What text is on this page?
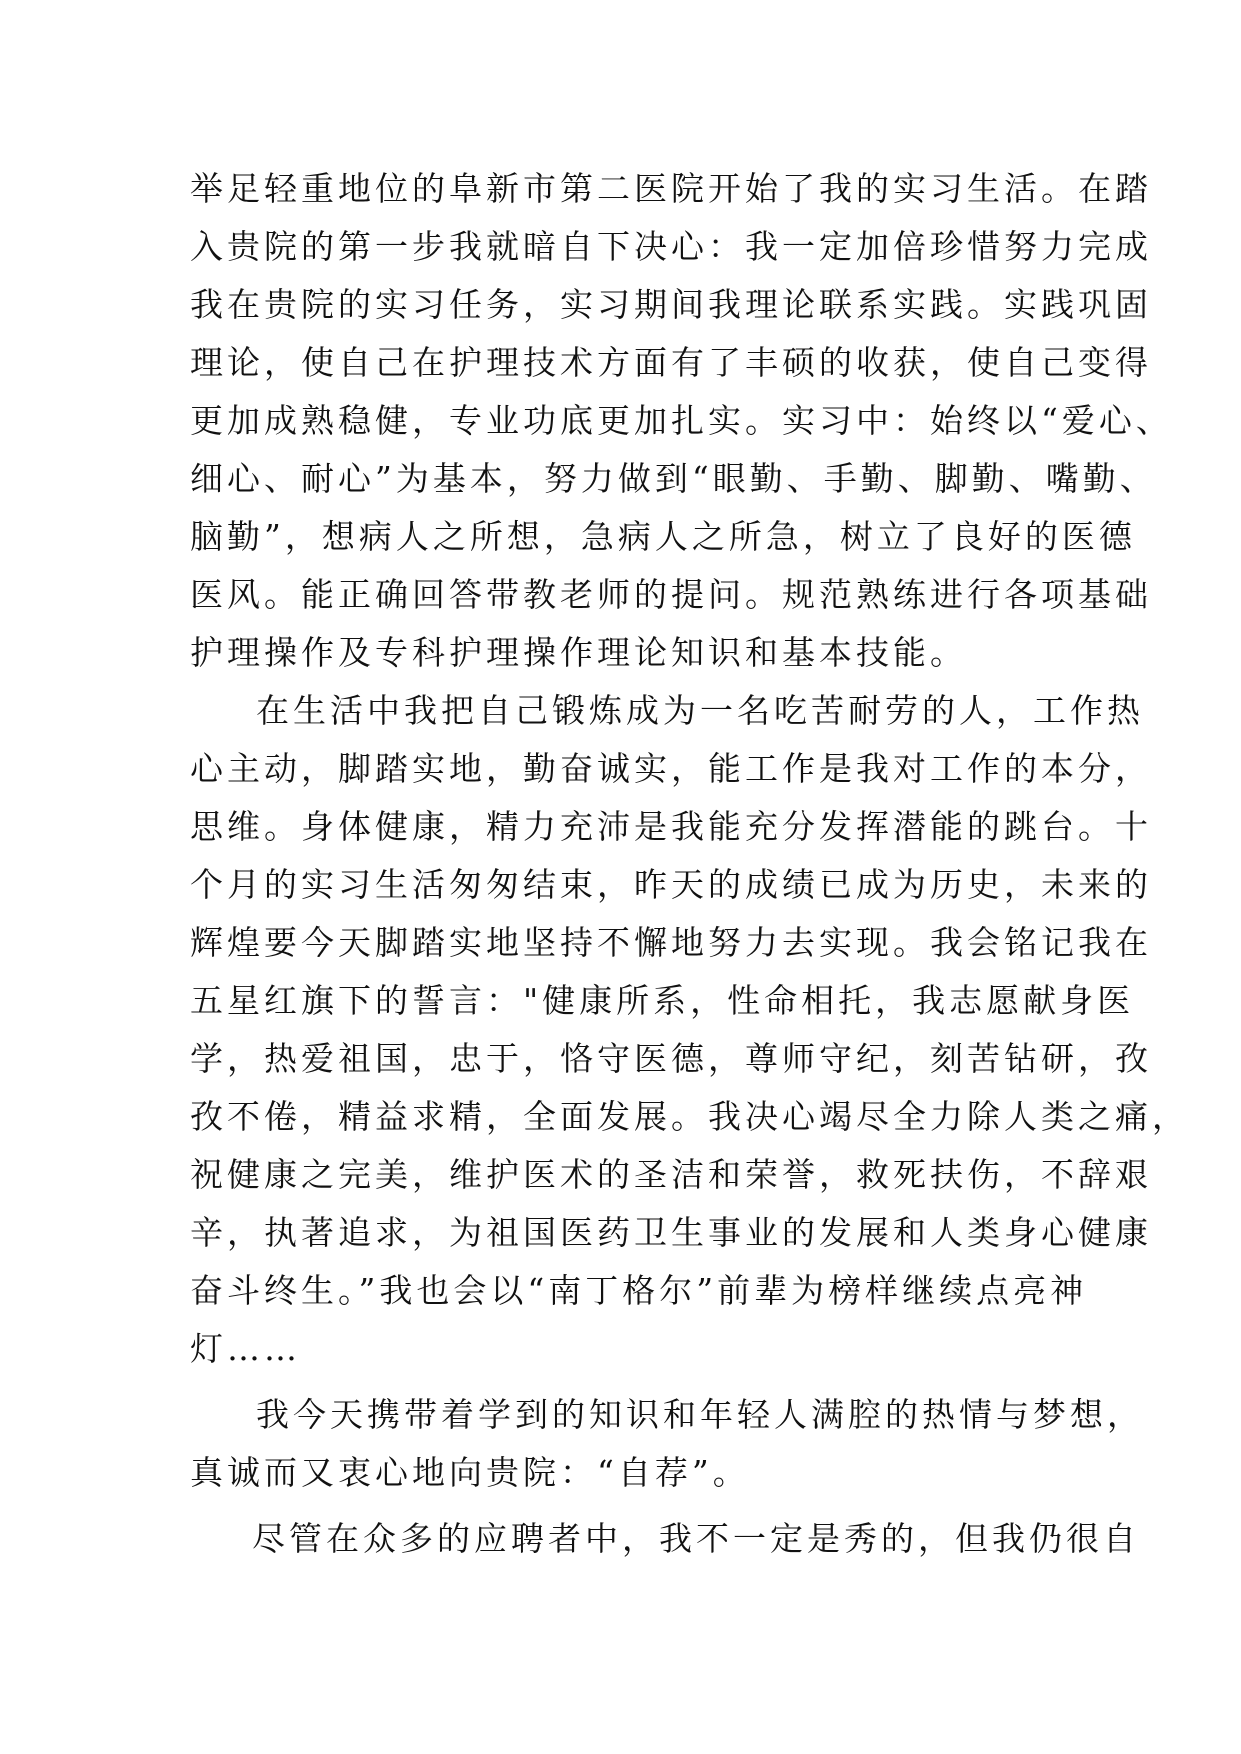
举足轻重地位的阜新市第二医院开始了我的实习生活。在踏
入贵院的第一步我就暗自下决心：我一定加倍珍惜努力完成
我在贵院的实习任务，实习期间我理论联系实践。实践巩固
理论，使自己在护理技术方面有了丰硕的收获，使自己变得
更加成熟稳健，专业功底更加扎实。实习中：始终以“爱心、
细心、耐心”为基本，努力做到“眼勤、手勤、脚勤、嘴勤、
脑勤”，想病人之所想，急病人之所急，树立了良好的医德
医风。能正确回答带教老师的提问。规范熟练进行各项基础
护理操作及专科护理操作理论知识和基本技能。
在生活中我把自己锻炼成为一名吃苦耐劳的人，工作热
心主动，脚踏实地，勤奋诚实，能工作是我对工作的本分，
思维。身体健康，精力充沛是我能充分发挥潜能的跳台。十
个月的实习生活匆匆结束，昨天的成绩已成为历史，未来的
辉煌要今天脚踏实地坚持不懈地努力去实现。我会铭记我在
五星红旗下的誓言："健康所系，性命相托，我志愿献身医
学，热爱祖国，忠于，恪守医德，尊师守纪，刻苦钻研，孜
孜不倦，精益求精，全面发展。我决心竭尽全力除人类之痛，
祝健康之完美，维护医术的圣洁和荣誉，救死扶伤，不辞艰
辛，执著追求，为祖国医药卫生事业的发展和人类身心健康
奋斗终生。”我也会以“南丁格尔”前辈为榜样继续点亮神
灯……
我今天携带着学到的知识和年轻人满腔的热情与梦想，
真诚而又衷心地向贵院：“自荐”。
尽管在众多的应聘者中，我不一定是秀的，但我仍很自
